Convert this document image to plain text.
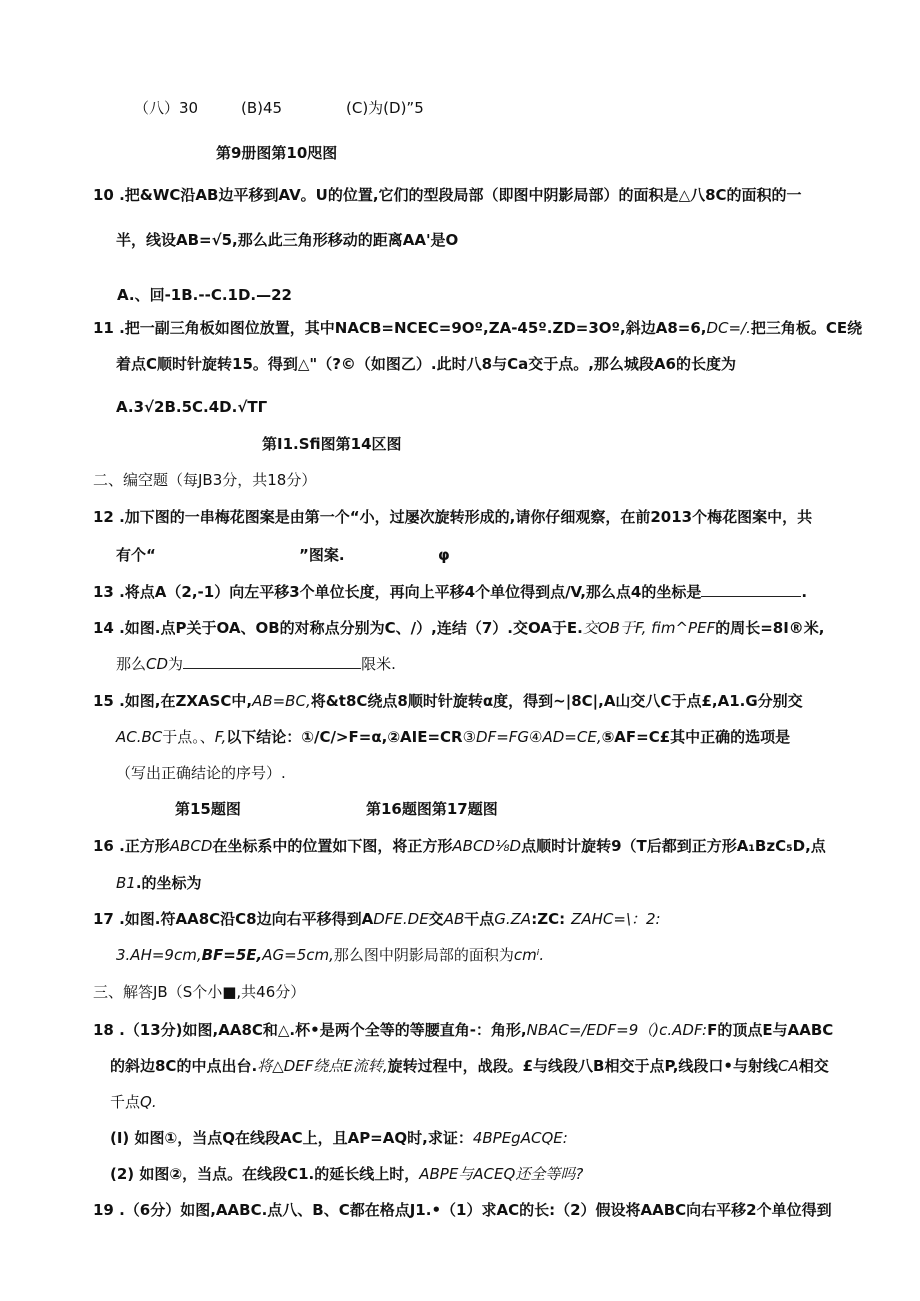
（八）30	(B)45	(C)为(D)”5
第9册图第10咫图
10 .把&WC沿AB边平移到AV。U的位置,它们的型段局部（即图中阴影局部）的面积是△八8C的面积的一
半，线设AB=√5,那么此三角形移动的距离AA'是O
A.、回-1B.--C.1D.—22
11 .把一副三角板如图位放置，其中NACB=NCEC=9Oº,ZA-45º.ZD=3Oº,斜边A8=6,DC=/.把三角板。CE绕
着点C顺时针旋转15。得到△"（?©（如图乙）.此时八8与Ca交于点。,那么城段A6的长度为
A.3√2B.5C.4D.√TΓ
第I1.Sfi图第14区图
二、编空题（每JB3分，共18分）
12 .加下图的一串梅花图案是由第一个“小，过屡次旋转形成的,请你仔细观察，在前2013个梅花图案中，共
有个“	”图案.	φ
13 .将点A（2,-1）向左平移3个单位长度，再向上平移4个单位得到点/V,那么点4的坐标是	.
14 .如图.点P关于OA、OB的对称点分别为C、/）,连结（7）.交OA于E.交OB于F, fim^PEF的周长=8I®米,
那么CD为	限米.
15 .如图,在ZXASC中,AB=BC,将&t8C绕点8顺时针旋转α度，得到~|8C|,A山交八C于点£,A1.G分别交
AC.BC于点。、F,以下结论：①/C/>F=α,②AIE=CR③DF=FG④AD=CE,⑤AF=C£其中正确的选项是
（写出正确结论的序号）.
第15题图	第16题图第17题图
16 .正方形ABCD在坐标系中的位置如下图，将正方形ABCD⅛D点顺时计旋转9（T后都到正方形A₁BzC₅D,点
B1.的坐标为
17 .如图.符AA8C沿C8边向右平移得到ADFE.DE交AB干点G.ZA:ZC: ZAHC=\：2:
3.AH=9cm,BF=5E,AG=5cm,那么图中阴影局部的面积为cmⁱ.
三、解答JB（S个小■,共46分）
18 .（13分)如图,AA8C和△.杯•是两个全等的等腰直角-：角形,NBAC=/EDF=9（)c.ADF:F的顶点E与AABC
的斜边8C的中点出台.将△DEF绕点E流转,旋转过程中，战段。£与线段八B相交于点P,线段口•与射线CA相交
千点Q.
(I) 如图①，当点Q在线段AC上，且AP=AQ时,求证：4BPEgACQE:
(2) 如图②，当点。在线段C1.的延长线上时，ABPE与ACEQ还全等吗?
19 .（6分）如图,AABC.点八、B、C都在格点J1.•（1）求AC的长:（2）假设将AABC向右平移2个单位得到
